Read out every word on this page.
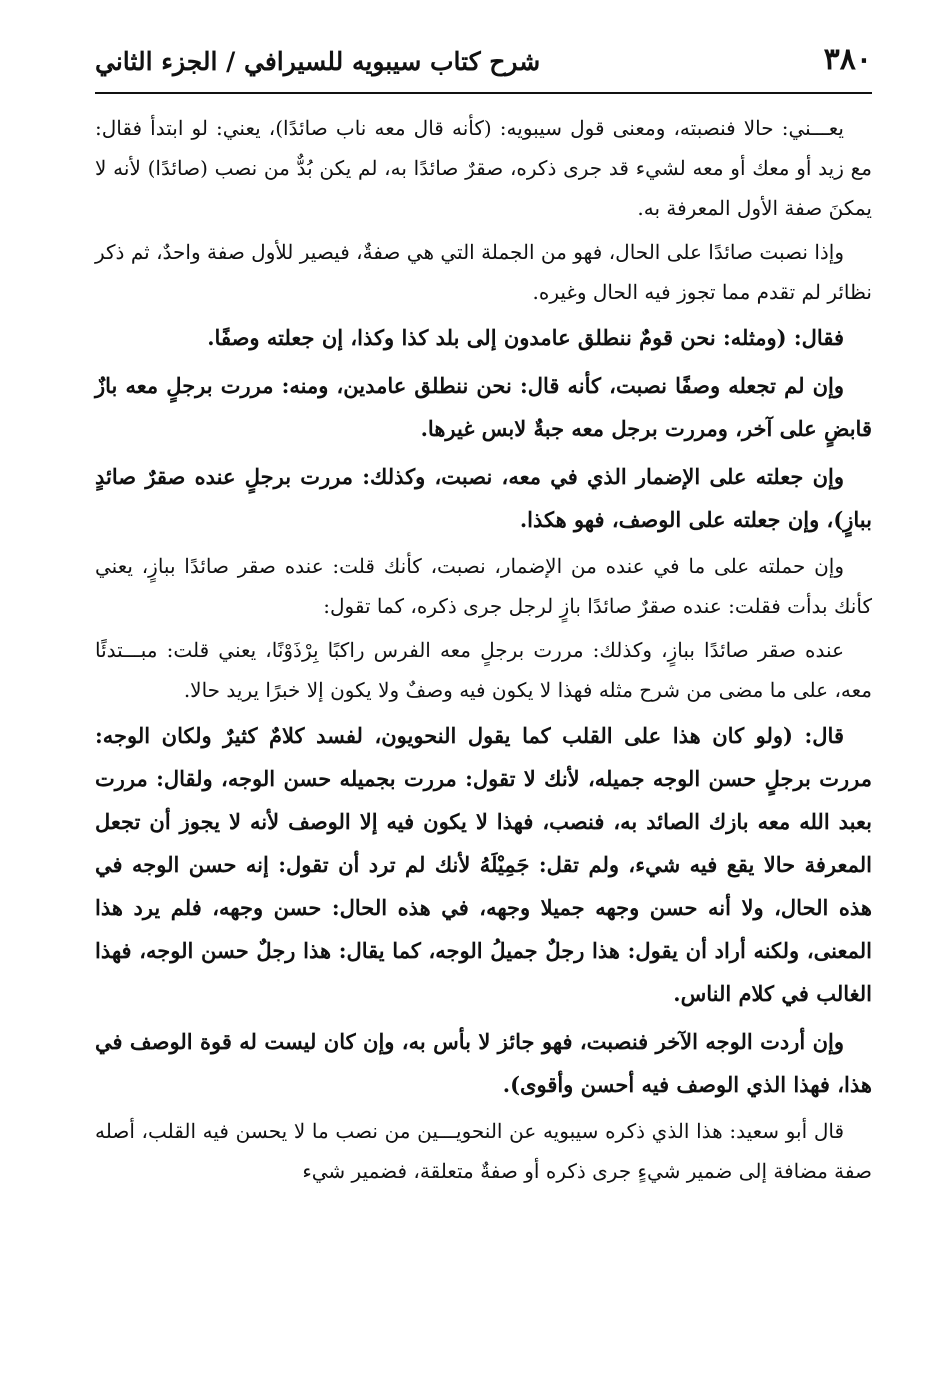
٣٨٠
شرح كتاب سيبويه للسيرافي / الجزء الثاني

يعـــني: حالا فنصبته، ومعنى قول سيبويه: (كأنه قال معه ناب صائدًا)، يعني: لو ابتدأ فقال: مع زيد أو معك أو معه لشيء قد جرى ذكره، صقرٌ صائدًا به، لم يكن بُدٌّ من نصب (صائدًا) لأنه لا يمكنَ صفة الأول المعرفة به.

وإذا نصبت صائدًا على الحال، فهو من الجملة التي هي صفةٌ، فيصير للأول صفة واحدٌ، ثم ذكر نظائر لم تقدم مما تجوز فيه الحال وغيره.

فقال: (ومثله: نحن قومٌ ننطلق عامدون إلى بلد كذا وكذا، إن جعلته وصفًا.

وإن لم تجعله وصفًا نصبت، كأنه قال: نحن ننطلق عامدين، ومنه: مررت برجلٍ معه بازٌ قابضٍ على آخر، ومررت برجل معه جبةٌ لابس غيرها.

وإن جعلته على الإضمار الذي في معه، نصبت، وكذلك: مررت برجلٍ عنده صقرٌ صائدٍ ببازٍ)، وإن جعلته على الوصف، فهو هكذا.

وإن حملته على ما في عنده من الإضمار، نصبت، كأنك قلت: عنده صقر صائدًا ببازٍ، يعني كأنك بدأت فقلت: عنده صقرٌ صائدًا بازٍ لرجل جرى ذكره، كما تقول:

عنده صقر صائدًا ببازٍ، وكذلك: مررت برجلٍ معه الفرس راكبًا بِرْذَوْنًا، يعني قلت: مبـــتدئًا معه، على ما مضى من شرح مثله فهذا لا يكون فيه وصفٌ ولا يكون إلا خبرًا يريد حالا.

قال: (ولو كان هذا على القلب كما يقول النحويون، لفسد كلامٌ كثيرٌ ولكان الوجه: مررت برجلٍ حسن الوجه جميله، لأنك لا تقول: مررت بجميله حسن الوجه، ولقال: مررت بعبد الله معه بازك الصائد به، فنصب، فهذا لا يكون فيه إلا الوصف لأنه لا يجوز أن تجعل المعرفة حالا يقع فيه شيء، ولم تقل: جَمِيْلَهُ لأنك لم ترد أن تقول: إنه حسن الوجه في هذه الحال، ولا أنه حسن وجهه جميلا وجهه، في هذه الحال: حسن وجهه، فلم يرد هذا المعنى، ولكنه أراد أن يقول: هذا رجلٌ جميلُ الوجه، كما يقال: هذا رجلٌ حسن الوجه، فهذا الغالب في كلام الناس.

وإن أردت الوجه الآخر فنصبت، فهو جائز لا بأس به، وإن كان ليست له قوة الوصف في هذا، فهذا الذي الوصف فيه أحسن وأقوى).

قال أبو سعيد: هذا الذي ذكره سيبويه عن النحويـــين من نصب ما لا يحسن فيه القلب، أصله صفة مضافة إلى ضمير شيءٍ جرى ذكره أو صفةٌ متعلقة، فضمير شيء
